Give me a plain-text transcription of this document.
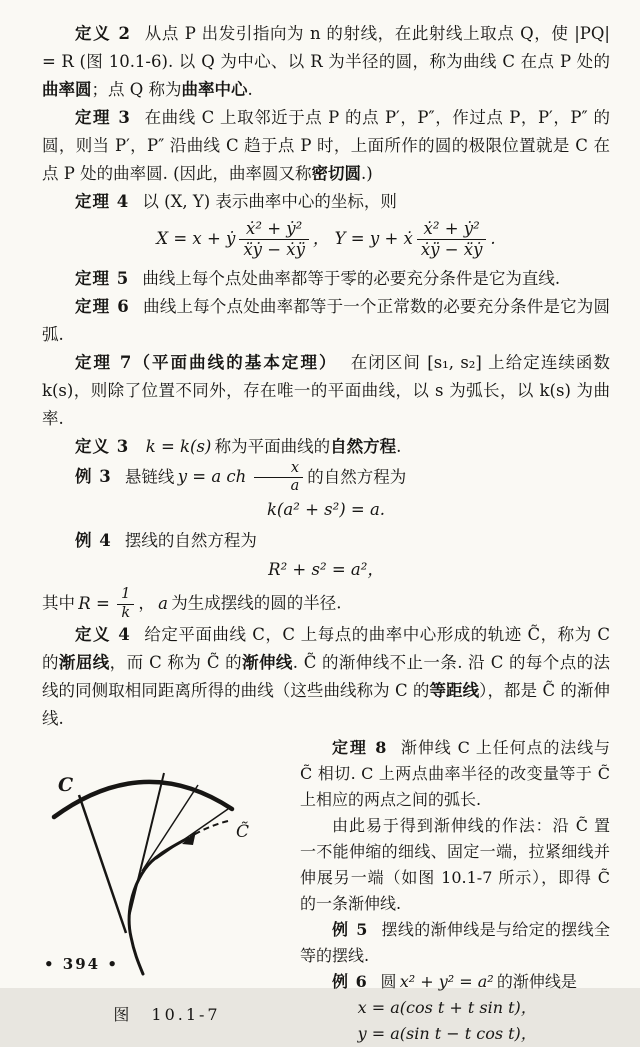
定义 2 从点 P 出发引指向为 n 的射线，在此射线上取点 Q，使 |PQ| = R (图 10.1-6). 以 Q 为中心、以 R 为半径的圆，称为曲线 C 在点 P 处的曲率圆；点 Q 称为曲率中心.

定理 3 在曲线 C 上取邻近于点 P 的点 P′，P″，作过点 P，P′，P″ 的圆，则当 P′，P″ 沿曲线 C 趋于点 P 时，上面所作的圆的极限位置就是 C 在点 P 处的曲率圆. (因此，曲率圆又称密切圆.)

定理 4 以 (X, Y) 表示曲率中心的坐标，则

X = x + ẏ $\frac{\text{ẋ² + ẏ²}}{\text{ẍẏ − ẋÿ}}$ ， Y = y + ẋ $\frac{\text{ẋ² + ẏ²}}{\text{ẋÿ − ẍẏ}}$ .

定理 5 曲线上每个点处曲率都等于零的必要充分条件是它为直线.

定理 6 曲线上每个点处曲率都等于一个正常数的必要充分条件是它为圆弧.

定理 7（平面曲线的基本定理） 在闭区间 [s₁, s₂] 上给定连续函数 k(s)，则除了位置不同外，存在唯一的平面曲线，以 s 为弧长，以 k(s) 为曲率.

定义 3 k = k(s) 称为平面曲线的自然方程.

例 3 悬链线 y = a ch $\frac{x}{a}$ 的自然方程为

k(a² + s²) = a.

例 4 摆线的自然方程为

R² + s² = a²，

其中 $R = \frac{1}{k}$ ， a 为生成摆线的圆的半径.

定义 4 给定平面曲线 C，C 上每点的曲率中心形成的轨迹 C̃，称为 C 的渐屈线，而 C 称为 C̃ 的渐伸线. C̃ 的渐伸线不止一条. 沿 C 的每个点的法线的同侧取相同距离所得的曲线（这些曲线称为 C 的等距线），都是 C̃ 的渐伸线.

C
C̃
图　10.1-7

定理 8 渐伸线 C 上任何点的法线与 C̃ 相切. C 上两点曲率半径的改变量等于 C̃ 上相应的两点之间的弧长.

由此易于得到渐伸线的作法：沿 C̃ 置一不能伸缩的细线、固定一端，拉紧细线并伸展另一端（如图 10.1-7 所示），即得 C̃ 的一条渐伸线.

例 5 摆线的渐伸线是与给定的摆线全等的摆线.

例 6 圆 x² + y² = a² 的渐伸线是

x = a(cos t + t sin t)，

y = a(sin t − t cos t)，

• 394 •
